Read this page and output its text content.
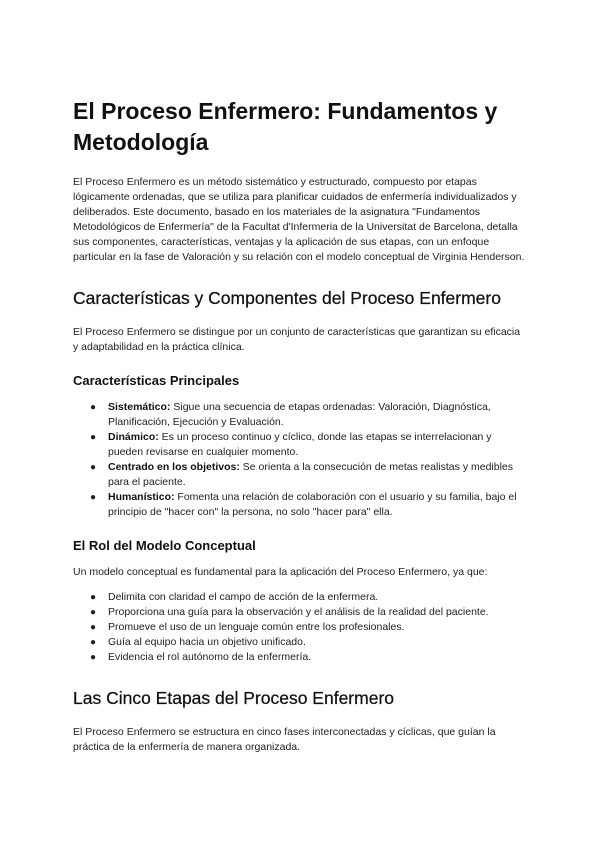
El Proceso Enfermero: Fundamentos y Metodología

El Proceso Enfermero es un método sistemático y estructurado, compuesto por etapas lógicamente ordenadas, que se utiliza para planificar cuidados de enfermería individualizados y deliberados. Este documento, basado en los materiales de la asignatura "Fundamentos Metodológicos de Enfermería" de la Facultat d'Infermeria de la Universitat de Barcelona, detalla sus componentes, características, ventajas y la aplicación de sus etapas, con un enfoque particular en la fase de Valoración y su relación con el modelo conceptual de Virginia Henderson.

Características y Componentes del Proceso Enfermero

El Proceso Enfermero se distingue por un conjunto de características que garantizan su eficacia y adaptabilidad en la práctica clínica.

Características Principales
● Sistemático: Sigue una secuencia de etapas ordenadas: Valoración, Diagnóstica, Planificación, Ejecución y Evaluación.
● Dinámico: Es un proceso continuo y cíclico, donde las etapas se interrelacionan y pueden revisarse en cualquier momento.
● Centrado en los objetivos: Se orienta a la consecución de metas realistas y medibles para el paciente.
● Humanístico: Fomenta una relación de colaboración con el usuario y su familia, bajo el principio de "hacer con" la persona, no solo "hacer para" ella.
El Rol del Modelo Conceptual

Un modelo conceptual es fundamental para la aplicación del Proceso Enfermero, ya que:

● Delimita con claridad el campo de acción de la enfermera.
● Proporciona una guía para la observación y el análisis de la realidad del paciente.
● Promueve el uso de un lenguaje común entre los profesionales.
● Guía al equipo hacia un objetivo unificado.
● Evidencia el rol autónomo de la enfermería.
Las Cinco Etapas del Proceso Enfermero

El Proceso Enfermero se estructura en cinco fases interconectadas y cíclicas, que guían la práctica de la enfermería de manera organizada.
